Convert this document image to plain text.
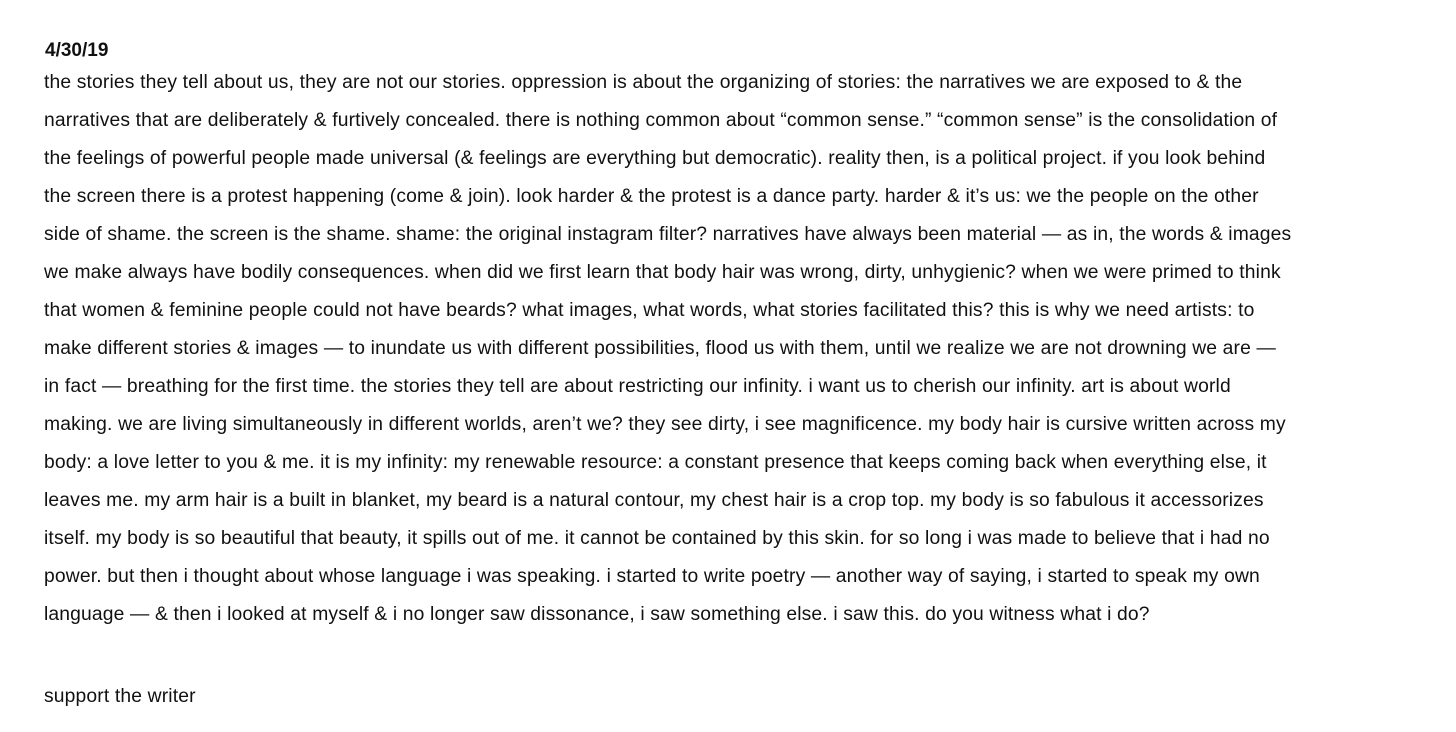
4/30/19

the stories they tell about us, they are not our stories. oppression is about the organizing of stories: the narratives we are exposed to & the
narratives that are deliberately & furtively concealed. there is nothing common about “common sense.” “common sense” is the consolidation of
the feelings of powerful people made universal (& feelings are everything but democratic). reality then, is a political project. if you look behind
the screen there is a protest happening (come & join). look harder & the protest is a dance party. harder & it’s us: we the people on the other
side of shame. the screen is the shame. shame: the original instagram filter? narratives have always been material — as in, the words & images
we make always have bodily consequences. when did we first learn that body hair was wrong, dirty, unhygienic? when we were primed to think
that women & feminine people could not have beards? what images, what words, what stories facilitated this? this is why we need artists: to
make different stories & images — to inundate us with different possibilities, flood us with them, until we realize we are not drowning we are —
in fact — breathing for the first time. the stories they tell are about restricting our infinity. i want us to cherish our infinity. art is about world
making. we are living simultaneously in different worlds, aren’t we? they see dirty, i see magnificence. my body hair is cursive written across my
body: a love letter to you & me. it is my infinity: my renewable resource: a constant presence that keeps coming back when everything else, it
leaves me. my arm hair is a built in blanket, my beard is a natural contour, my chest hair is a crop top. my body is so fabulous it accessorizes
itself. my body is so beautiful that beauty, it spills out of me. it cannot be contained by this skin. for so long i was made to believe that i had no
power. but then i thought about whose language i was speaking. i started to write poetry — another way of saying, i started to speak my own
language — & then i looked at myself & i no longer saw dissonance, i saw something else. i saw this. do you witness what i do?

support the writer
